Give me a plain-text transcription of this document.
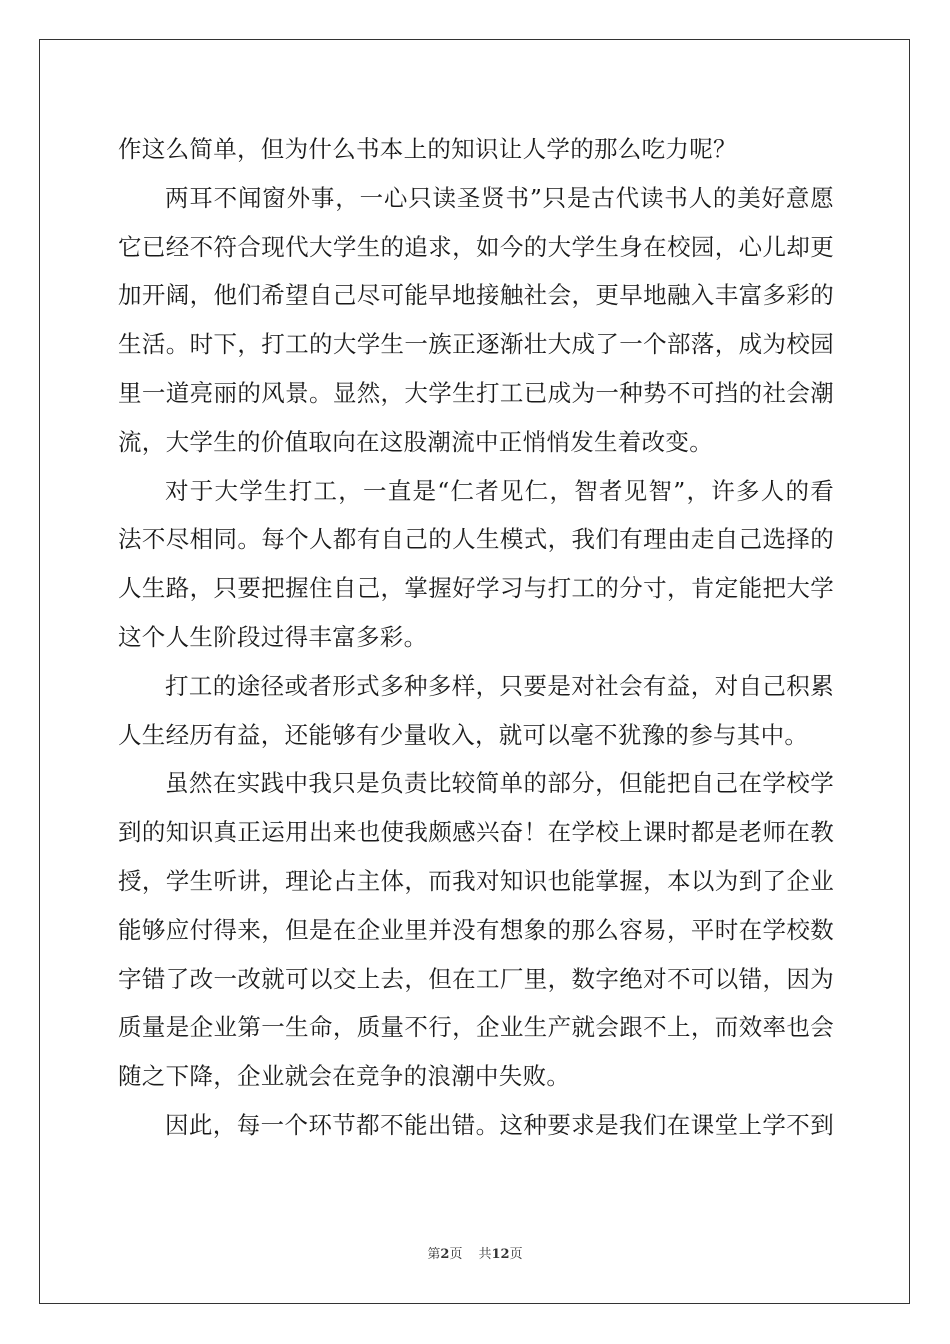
作这么简单，但为什么书本上的知识让人学的那么吃力呢？
两耳不闻窗外事，一心只读圣贤书”只是古代读书人的美好意愿
它已经不符合现代大学生的追求，如今的大学生身在校园，心儿却更
加开阔，他们希望自己尽可能早地接触社会，更早地融入丰富多彩的
生活。时下，打工的大学生一族正逐渐壮大成了一个部落，成为校园
里一道亮丽的风景。显然，大学生打工已成为一种势不可挡的社会潮
流，大学生的价值取向在这股潮流中正悄悄发生着改变。
对于大学生打工，一直是“仁者见仁，智者见智”，许多人的看
法不尽相同。每个人都有自己的人生模式，我们有理由走自己选择的
人生路，只要把握住自己，掌握好学习与打工的分寸，肯定能把大学
这个人生阶段过得丰富多彩。
打工的途径或者形式多种多样，只要是对社会有益，对自己积累
人生经历有益，还能够有少量收入，就可以毫不犹豫的参与其中。
虽然在实践中我只是负责比较简单的部分，但能把自己在学校学
到的知识真正运用出来也使我颇感兴奋！在学校上课时都是老师在教
授，学生听讲，理论占主体，而我对知识也能掌握，本以为到了企业
能够应付得来，但是在企业里并没有想象的那么容易，平时在学校数
字错了改一改就可以交上去，但在工厂里，数字绝对不可以错，因为
质量是企业第一生命，质量不行，企业生产就会跟不上，而效率也会
随之下降，企业就会在竞争的浪潮中失败。
因此，每一个环节都不能出错。这种要求是我们在课堂上学不到
第2页 共12页
